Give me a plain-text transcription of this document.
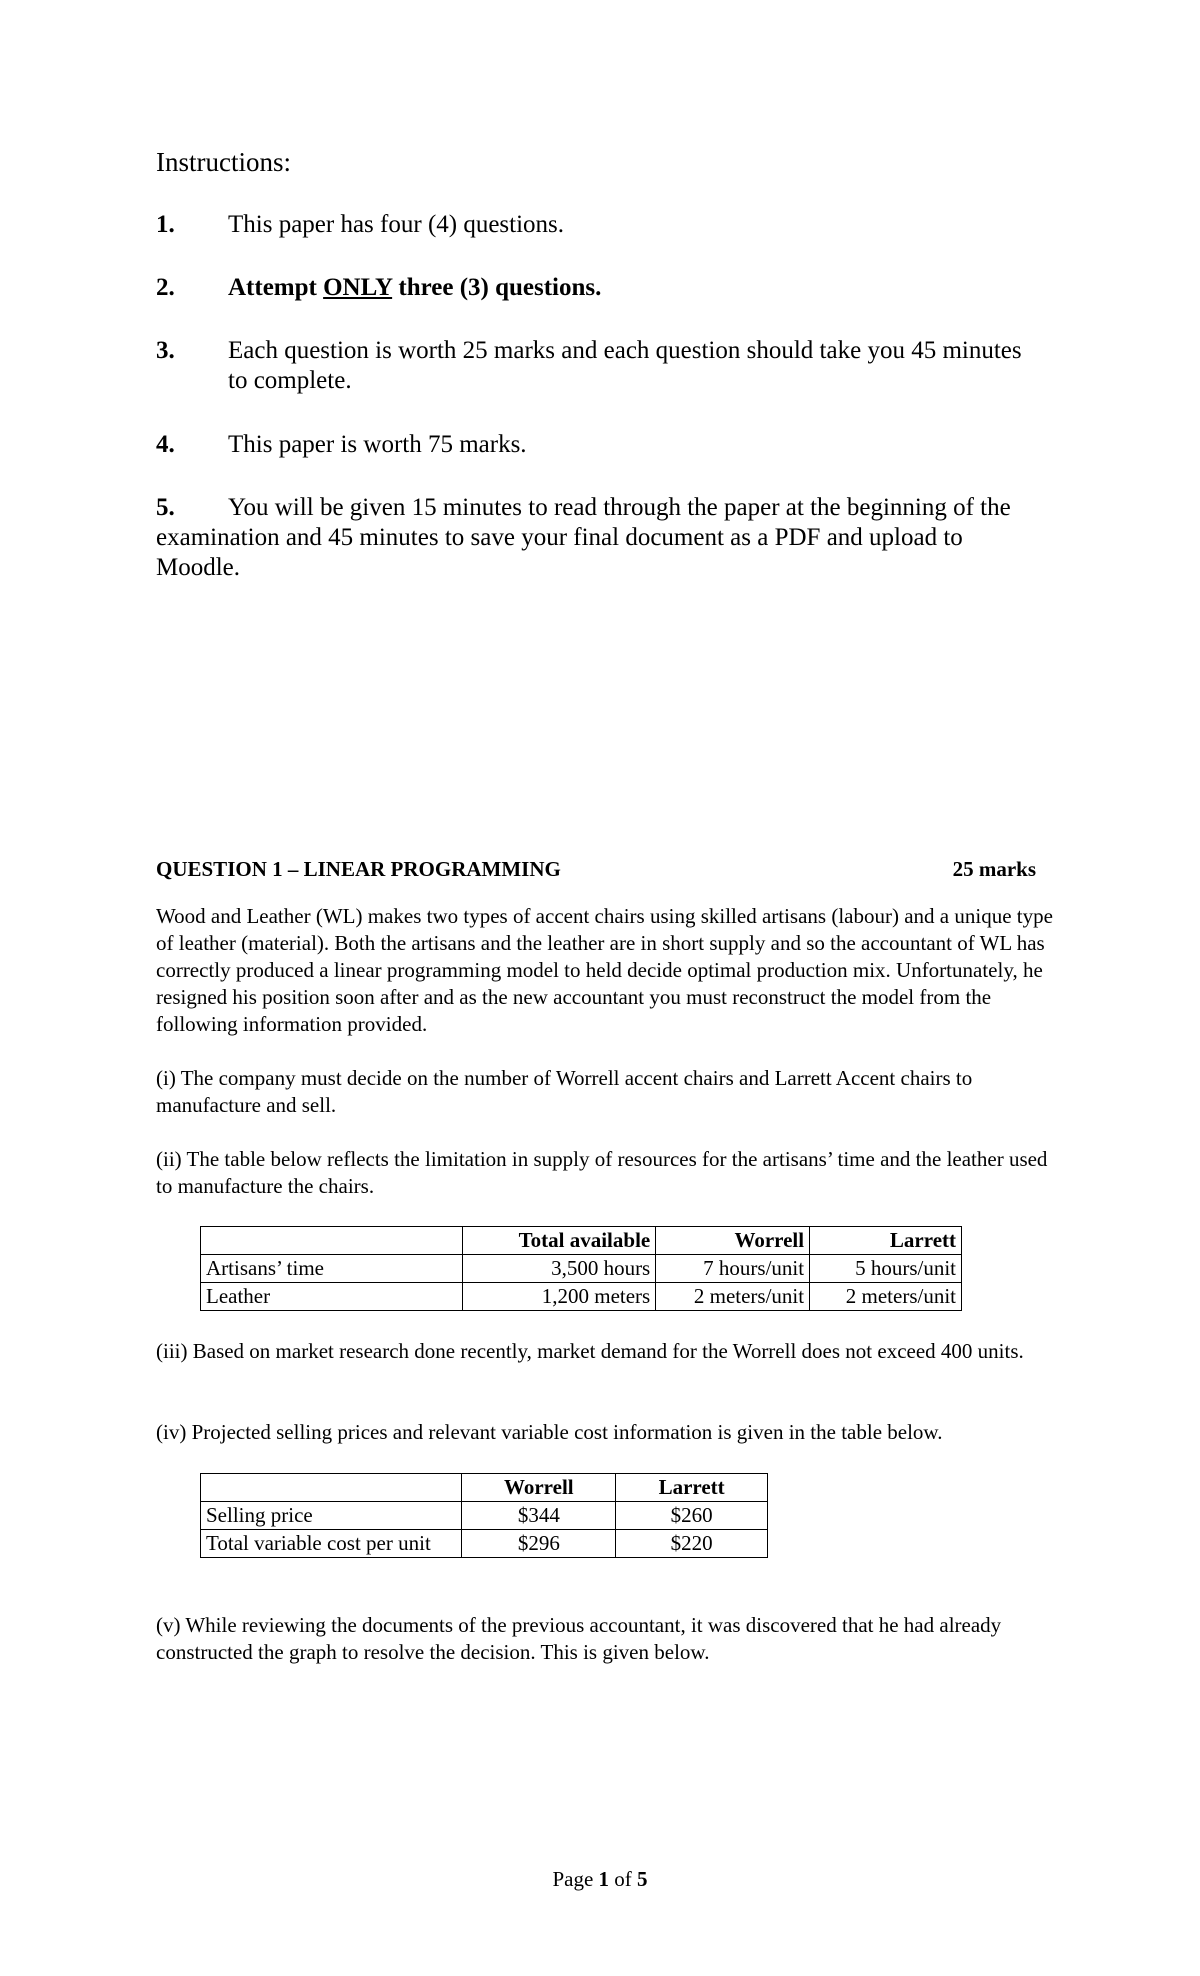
Instructions:
1. This paper has four (4) questions.
2. Attempt ONLY three (3) questions.
3. Each question is worth 25 marks and each question should take you 45 minutes to complete.
4. This paper is worth 75 marks.
5.	You will be given 15 minutes to read through the paper at the beginning of the examination and 45 minutes to save your final document as a PDF and upload to Moodle.
QUESTION 1 – LINEAR PROGRAMMING	25 marks
Wood and Leather (WL) makes two types of accent chairs using skilled artisans (labour) and a unique type of leather (material). Both the artisans and the leather are in short supply and so the accountant of WL has correctly produced a linear programming model to held decide optimal production mix. Unfortunately, he resigned his position soon after and as the new accountant you must reconstruct the model from the following information provided.
(i) The company must decide on the number of Worrell accent chairs and Larrett Accent chairs to manufacture and sell.
(ii) The table below reflects the limitation in supply of resources for the artisans’ time and the leather used to manufacture the chairs.
	Total available	Worrell	Larrett
Artisans’ time	3,500 hours	7 hours/unit	5 hours/unit
Leather	1,200 meters	2 meters/unit	2 meters/unit
(iii) Based on market research done recently, market demand for the Worrell does not exceed 400 units.
(iv) Projected selling prices and relevant variable cost information is given in the table below.
	Worrell	Larrett
Selling price	$344	$260
Total variable cost per unit	$296	$220
(v) While reviewing the documents of the previous accountant, it was discovered that he had already constructed the graph to resolve the decision. This is given below.
Page 1 of 5
